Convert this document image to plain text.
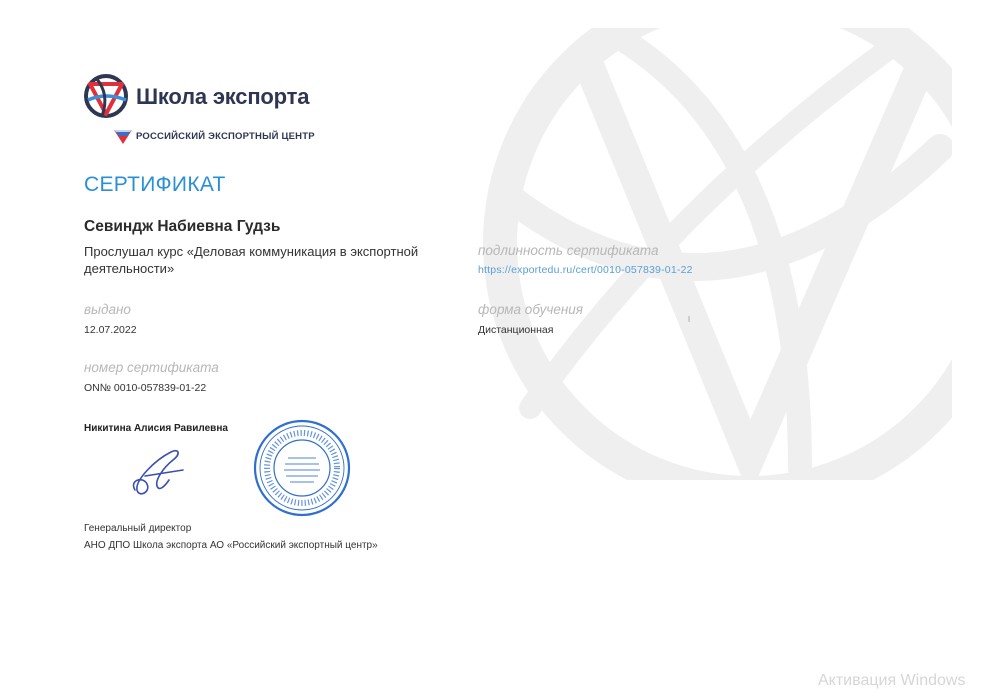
Школа экспорта
РОССИЙСКИЙ ЭКСПОРТНЫЙ ЦЕНТР
СЕРТИФИКАТ
Севиндж Набиевна Гудзь
Прослушал курс «Деловая коммуникация в экспортной деятельности»
выдано
12.07.2022
номер сертификата
ОN№ 0010-057839-01-22
подлинность сертификата
https://exportedu.ru/cert/0010-057839-01-22
форма обучения
Дистанционная
Никитина Алисия Равилевна
Генеральный директор
АНО ДПО Школа экспорта АО «Российский экспортный центр»
Активация Windows
